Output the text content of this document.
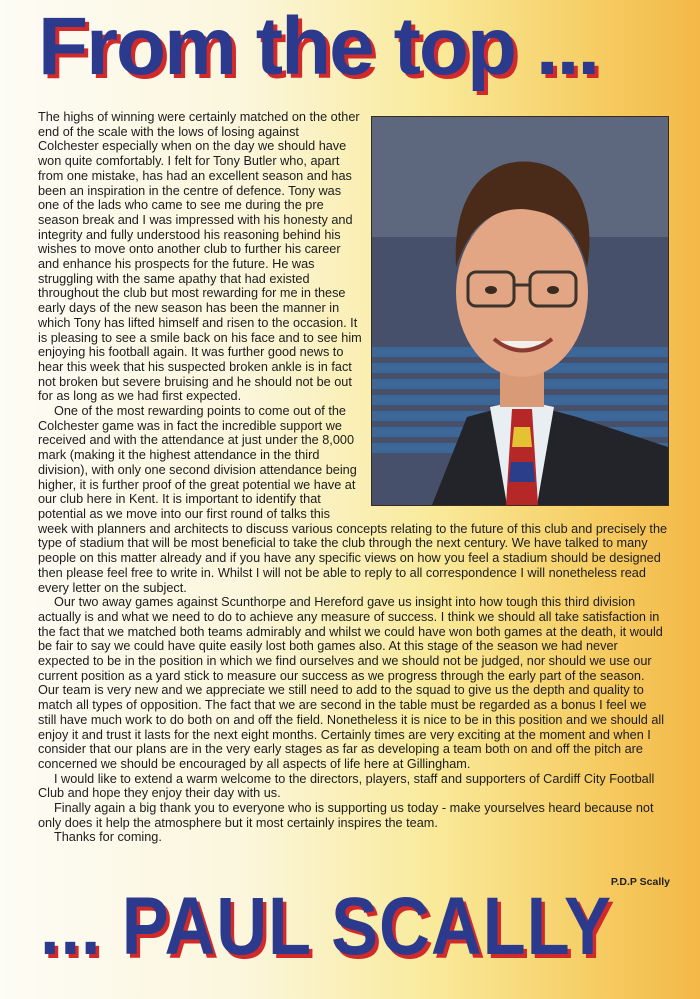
From the top ...

The highs of winning were certainly matched on the other end of the scale with the lows of losing against Colchester especially when on the day we should have won quite comfortably. I felt for Tony Butler who, apart from one mistake, has had an excellent season and has been an inspiration in the centre of defence. Tony was one of the lads who came to see me during the pre season break and I was impressed with his honesty and integrity and fully understood his reasoning behind his wishes to move onto another club to further his career and enhance his prospects for the future. He was struggling with the same apathy that had existed throughout the club but most rewarding for me in these early days of the new season has been the manner in which Tony has lifted himself and risen to the occasion. It is pleasing to see a smile back on his face and to see him enjoying his football again. It was further good news to hear this week that his suspected broken ankle is in fact not broken but severe bruising and he should not be out for as long as we had first expected.

One of the most rewarding points to come out of the Colchester game was in fact the incredible support we received and with the attendance at just under the 8,000 mark (making it the highest attendance in the third division), with only one second division attendance being higher, it is further proof of the great potential we have at our club here in Kent. It is important to identify that potential as we move into our first round of talks this week with planners and architects to discuss various concepts relating to the future of this club and precisely the type of stadium that will be most beneficial to take the club through the next century. We have talked to many people on this matter already and if you have any specific views on how you feel a stadium should be designed then please feel free to write in. Whilst I will not be able to reply to all correspondence I will nonetheless read every letter on the subject.

Our two away games against Scunthorpe and Hereford gave us insight into how tough this third division actually is and what we need to do to achieve any measure of success. I think we should all take satisfaction in the fact that we matched both teams admirably and whilst we could have won both games at the death, it would be fair to say we could have quite easily lost both games also. At this stage of the season we had never expected to be in the position in which we find ourselves and we should not be judged, nor should we use our current position as a yard stick to measure our success as we progress through the early part of the season. Our team is very new and we appreciate we still need to add to the squad to give us the depth and quality to match all types of opposition. The fact that we are second in the table must be regarded as a bonus I feel we still have much work to do both on and off the field. Nonetheless it is nice to be in this position and we should all enjoy it and trust it lasts for the next eight months. Certainly times are very exciting at the moment and when I consider that our plans are in the very early stages as far as developing a team both on and off the pitch are concerned we should be encouraged by all aspects of life here at Gillingham.

I would like to extend a warm welcome to the directors, players, staff and supporters of Cardiff City Football Club and hope they enjoy their day with us.

Finally again a big thank you to everyone who is supporting us today - make yourselves heard because not only does it help the atmosphere but it most certainly inspires the team.

Thanks for coming.

P.D.P Scally

... PAUL SCALLY
